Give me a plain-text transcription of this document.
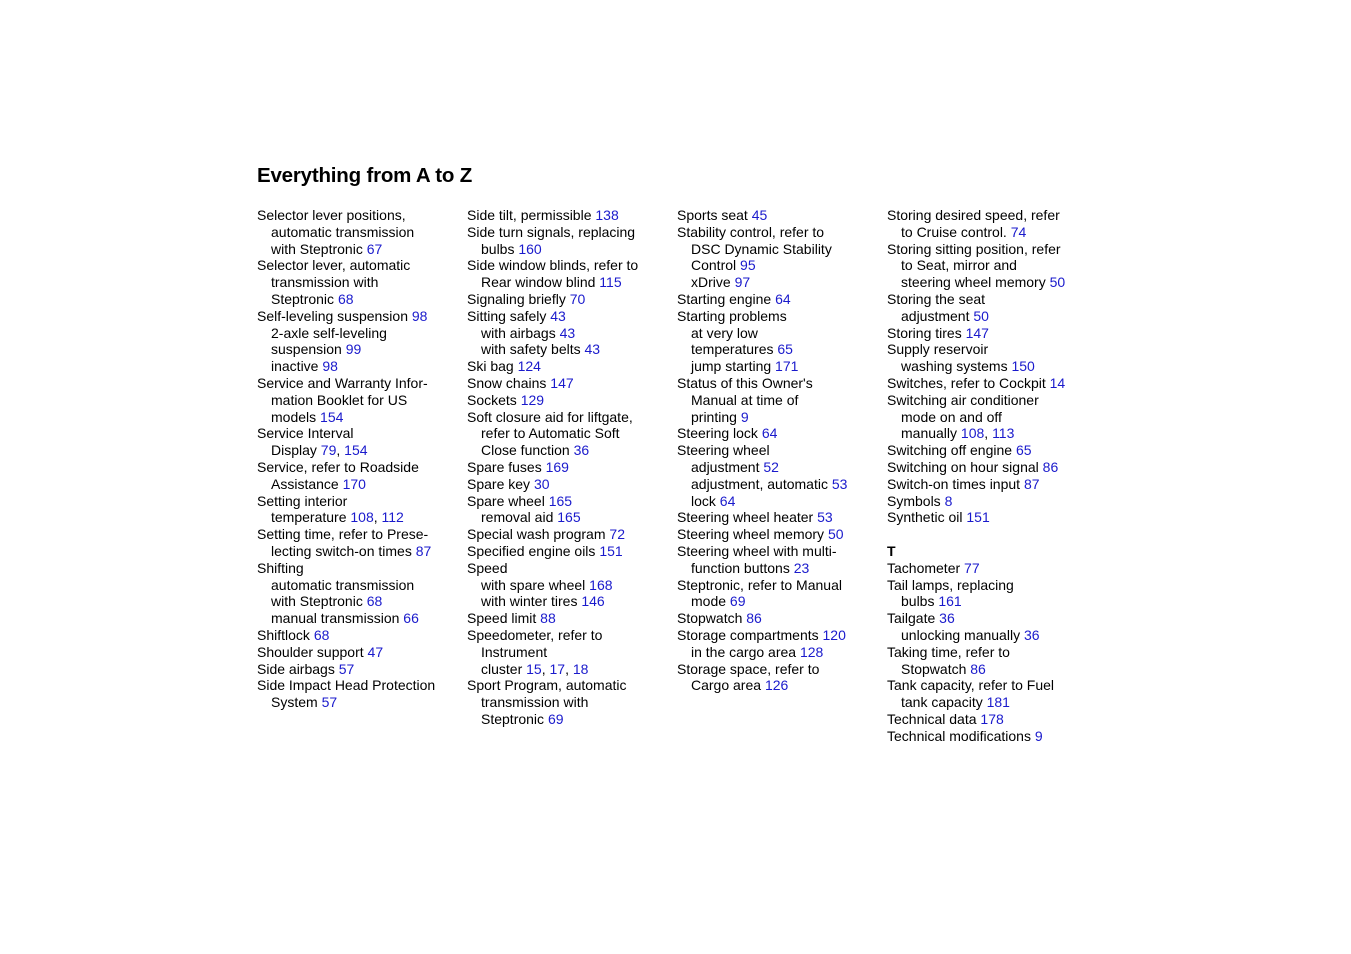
Everything from A to Z
Selector lever positions,
automatic transmission
with Steptronic 67
Selector lever, automatic
transmission with
Steptronic 68
Self-leveling suspension 98
2-axle self-leveling
suspension 99
inactive 98
Service and Warranty Infor-
mation Booklet for US
models 154
Service Interval
Display 79, 154
Service, refer to Roadside
Assistance 170
Setting interior
temperature 108, 112
Setting time, refer to Prese-
lecting switch-on times 87
Shifting
automatic transmission
with Steptronic 68
manual transmission 66
Shiftlock 68
Shoulder support 47
Side airbags 57
Side Impact Head Protection
System 57
Side tilt, permissible 138
Side turn signals, replacing
bulbs 160
Side window blinds, refer to
Rear window blind 115
Signaling briefly 70
Sitting safely 43
with airbags 43
with safety belts 43
Ski bag 124
Snow chains 147
Sockets 129
Soft closure aid for liftgate,
refer to Automatic Soft
Close function 36
Spare fuses 169
Spare key 30
Spare wheel 165
removal aid 165
Special wash program 72
Specified engine oils 151
Speed
with spare wheel 168
with winter tires 146
Speed limit 88
Speedometer, refer to
Instrument
cluster 15, 17, 18
Sport Program, automatic
transmission with
Steptronic 69
Sports seat 45
Stability control, refer to
DSC Dynamic Stability
Control 95
xDrive 97
Starting engine 64
Starting problems
at very low
temperatures 65
jump starting 171
Status of this Owner's
Manual at time of
printing 9
Steering lock 64
Steering wheel
adjustment 52
adjustment, automatic 53
lock 64
Steering wheel heater 53
Steering wheel memory 50
Steering wheel with multi-
function buttons 23
Steptronic, refer to Manual
mode 69
Stopwatch 86
Storage compartments 120
in the cargo area 128
Storage space, refer to
Cargo area 126
Storing desired speed, refer
to Cruise control. 74
Storing sitting position, refer
to Seat, mirror and
steering wheel memory 50
Storing the seat
adjustment 50
Storing tires 147
Supply reservoir
washing systems 150
Switches, refer to Cockpit 14
Switching air conditioner
mode on and off
manually 108, 113
Switching off engine 65
Switching on hour signal 86
Switch-on times input 87
Symbols 8
Synthetic oil 151
T
Tachometer 77
Tail lamps, replacing
bulbs 161
Tailgate 36
unlocking manually 36
Taking time, refer to
Stopwatch 86
Tank capacity, refer to Fuel
tank capacity 181
Technical data 178
Technical modifications 9
